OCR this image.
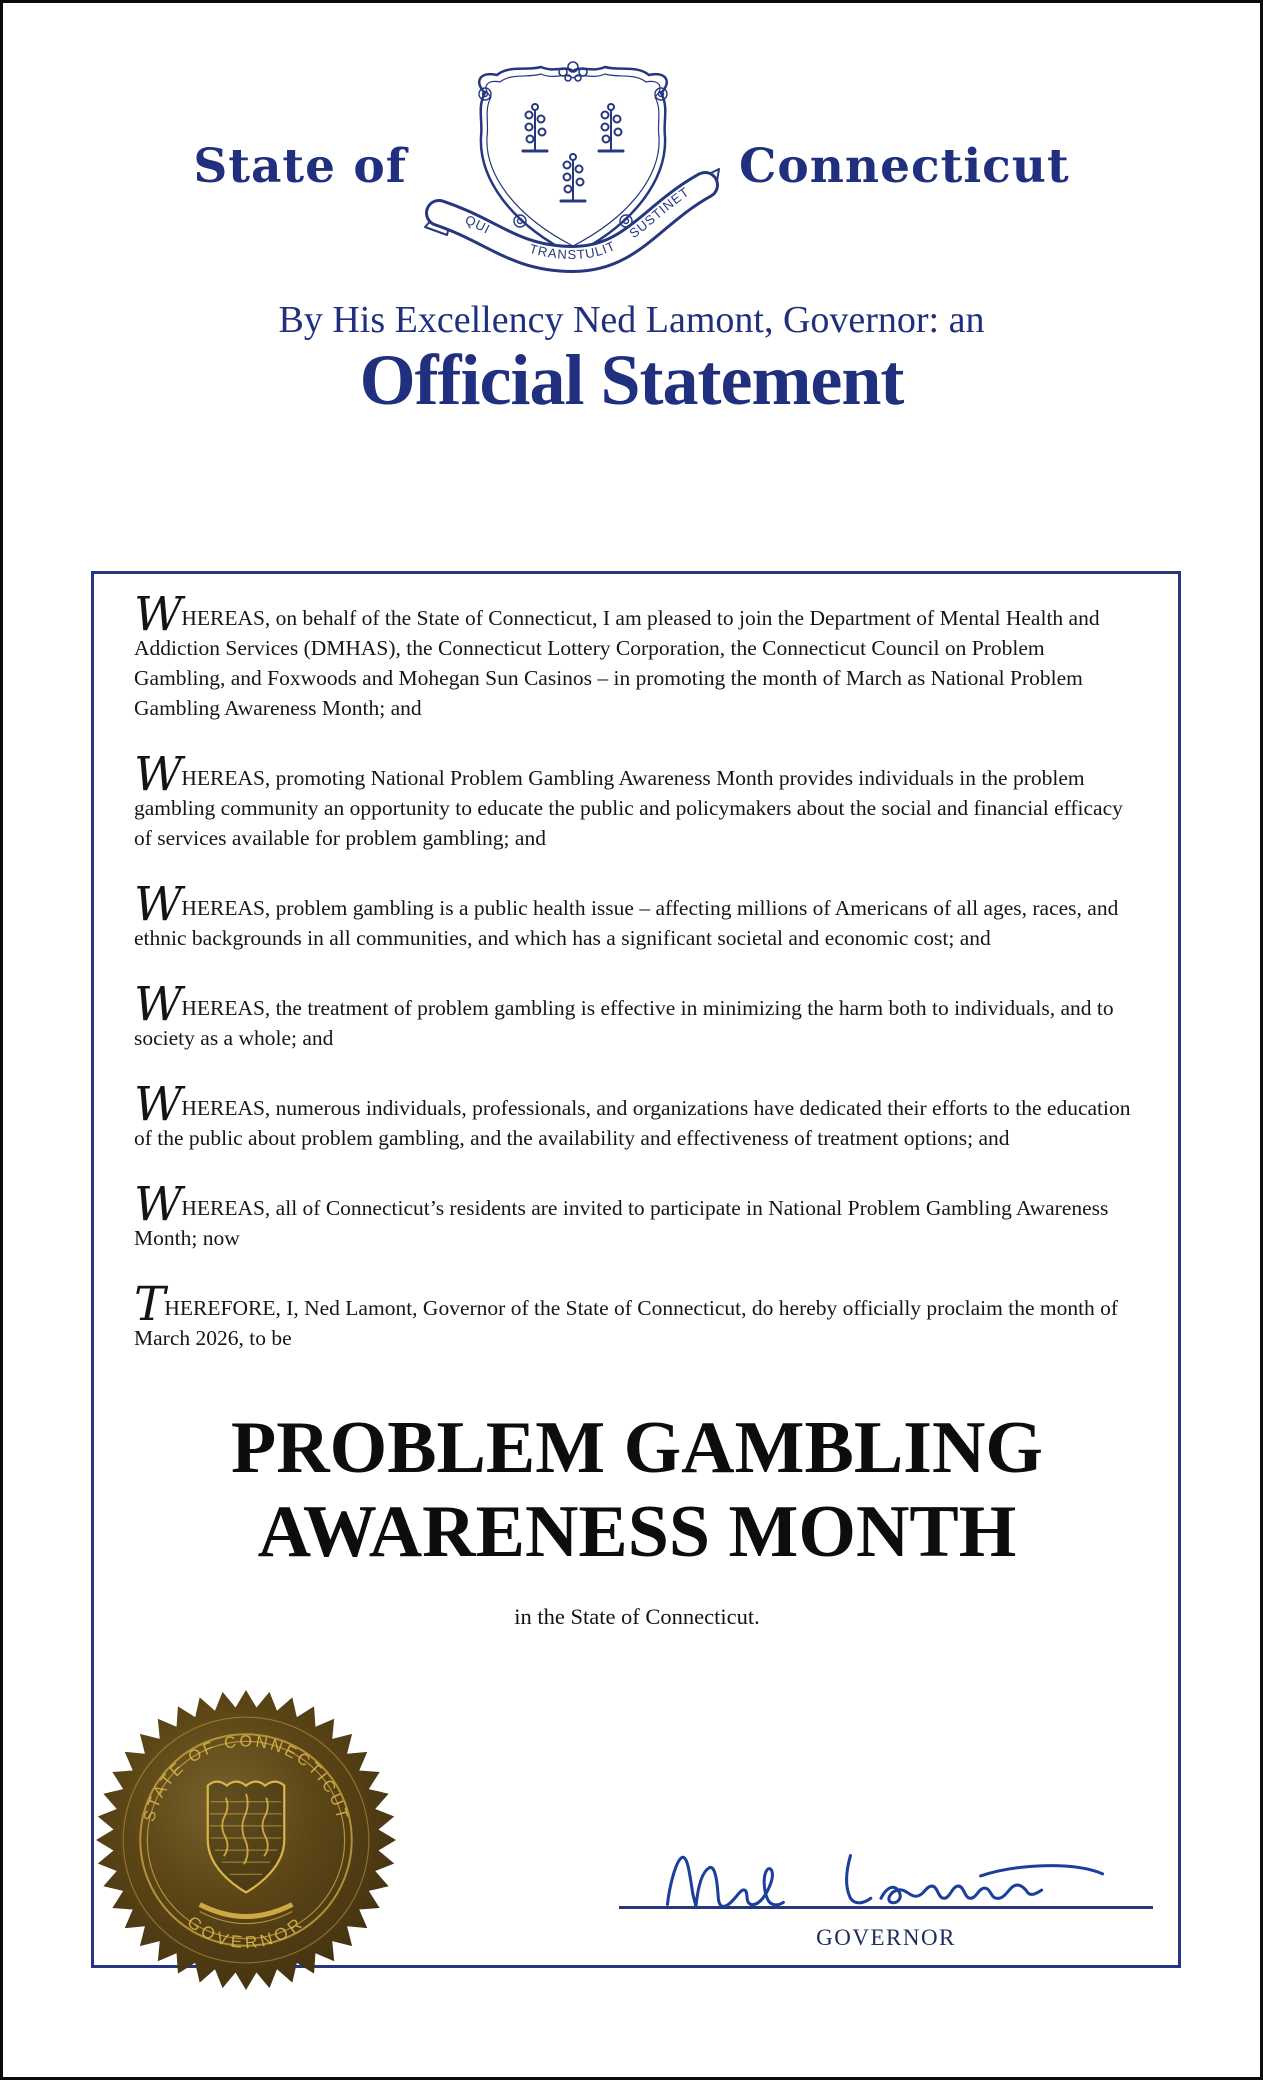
State of
QUI
TRANSTULIT
SUSTINET Connecticut
By His Excellency Ned Lamont, Governor: an
Official Statement

WHEREAS, on behalf of the State of Connecticut, I am pleased to join the Department of Mental Health and Addiction Services (DMHAS), the Connecticut Lottery Corporation, the Connecticut Council on Problem Gambling, and Foxwoods and Mohegan Sun Casinos – in promoting the month of March as National Problem Gambling Awareness Month; and

WHEREAS, promoting National Problem Gambling Awareness Month provides individuals in the problem gambling community an opportunity to educate the public and policymakers about the social and financial efficacy of services available for problem gambling; and

WHEREAS, problem gambling is a public health issue – affecting millions of Americans of all ages, races, and ethnic backgrounds in all communities, and which has a significant societal and economic cost; and

WHEREAS, the treatment of problem gambling is effective in minimizing the harm both to individuals, and to society as a whole; and

WHEREAS, numerous individuals, professionals, and organizations have dedicated their efforts to the education of the public about problem gambling, and the availability and effectiveness of treatment options; and

WHEREAS, all of Connecticut’s residents are invited to participate in National Problem Gambling Awareness Month; now

THEREFORE, I, Ned Lamont, Governor of the State of Connecticut, do hereby officially proclaim the month of March 2026, to be

PROBLEM GAMBLING
AWARENESS MONTH
in the State of Connecticut.
STATE OF CONNECTICUT
GOVERNOR
GOVERNOR
